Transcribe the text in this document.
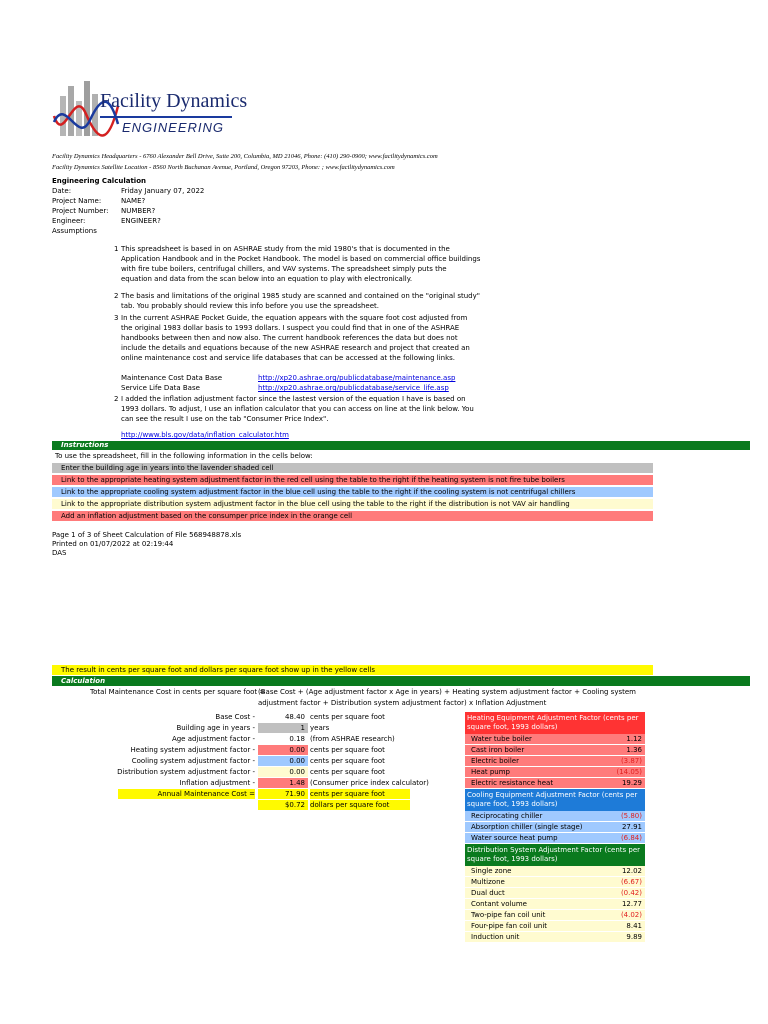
Facility Dynamics
ENGINEERING
Facility Dynamics Headquarters - 6760 Alexander Bell Drive, Suite 200, Columbia, MD 21046, Phone: (410) 290-0900; www.facilitydynamics.com
Facility Dynamics Satellite Location - 8560 North Buchanan Avenue, Portland, Oregon 97203, Phone: ; www.facilitydynamics.com
Engineering Calculation
Date:	Friday January 07, 2022
Project Name:	NAME?
Project Number: NUMBER?
Engineer:	ENGINEER?
Assumptions
1 This spreadsheet is based in on ASHRAE study from the mid 1980's that is documented in the
Application Handbook and in the Pocket Handbook. The model is based on commercial office buildings
with fire tube boilers, centrifugal chillers, and VAV systems. The spreadsheet simply puts the
equation and data from the scan below into an equation to play with electronically.
2 The basis and limitations of the original 1985 study are scanned and contained on the "original study"
tab. You probably should review this info before you use the spreadsheet.
3 In the current ASHRAE Pocket Guide, the equation appears with the square foot cost adjusted from
the original 1983 dollar basis to 1993 dollars. I suspect you could find that in one of the ASHRAE
handbooks between then and now also. The current handbook references the data but does not
include the details and equations because of the new ASHRAE research and project that created an
online maintenance cost and service life databases that can be accessed at the following links.
Maintenance Cost Data Base	http://xp20.ashrae.org/publicdatabase/maintenance.asp
Service Life Data Base	http://xp20.ashrae.org/publicdatabase/service_life.asp
2 I added the inflation adjustment factor since the lastest version of the equation I have is based on
1993 dollars. To adjust, I use an inflation calculator that you can access on line at the link below. You
can see the result I use on the tab "Consumer Price Index".
http://www.bls.gov/data/inflation_calculator.htm
Instructions
To use the spreadsheet, fill in the following information in the cells below:
Enter the building age in years into the lavender shaded cell
Link to the appropriate heating system adjustment factor in the red cell using the table to the right if the heating system is not fire tube boilers
Link to the appropriate cooling system adjustment factor in the blue cell using the table to the right if the cooling system is not centrifugal chillers
Link to the appropriate distribution system adjustment factor in the blue cell using the table to the right if the distribution is not VAV air handling
Add an inflation adjustment based on the consumper price index in the orange cell
Page 1 of 3 of Sheet Calculation of File 568948878.xls
Printed on 01/07/2022 at 02:19:44
DAS
The result in cents per square foot and dollars per square foot show up in the yellow cells
Calculation
Total Maintenance Cost in cents per square foot =
(Base Cost + (Age adjustment factor x Age in years) + Heating system adjustment factor + Cooling system
adjustment factor + Distribution system adjustment factor) x Inflation Adjustment
Base Cost -	48.40 cents per square foot
Building age in years -	1 years
Age adjustment factor -	0.18 (from ASHRAE research)
Heating system adjustment factor -	0.00 cents per square foot
Cooling system adjustment factor -	0.00 cents per square foot
Distribution system adjustment factor -	0.00 cents per square foot
Inflation adjustment -	1.48 (Consumer price index calculator)
Annual Maintenance Cost =	71.90 cents per square foot
$0.72 dollars per square foot
Heating Equipment Adjustment Factor (cents per square foot, 1993 dollars)
Water tube boiler	1.12
Cast iron boiler	1.36
Electric boiler	(3.87)
Heat pump	(14.05)
Electric resistance heat	19.29
Cooling Equipment Adjustment Factor (cents per square foot, 1993 dollars)
Reciprocating chiller	(5.80)
Absorption chiller (single stage)	27.91
Water source heat pump	(6.84)
Distribution System Adjustment Factor (cents per square foot, 1993 dollars)
Single zone	12.02
Multizone	(6.67)
Dual duct	(0.42)
Contant volume	12.77
Two-pipe fan coil unit	(4.02)
Four-pipe fan coil unit	8.41
Induction unit	9.89
